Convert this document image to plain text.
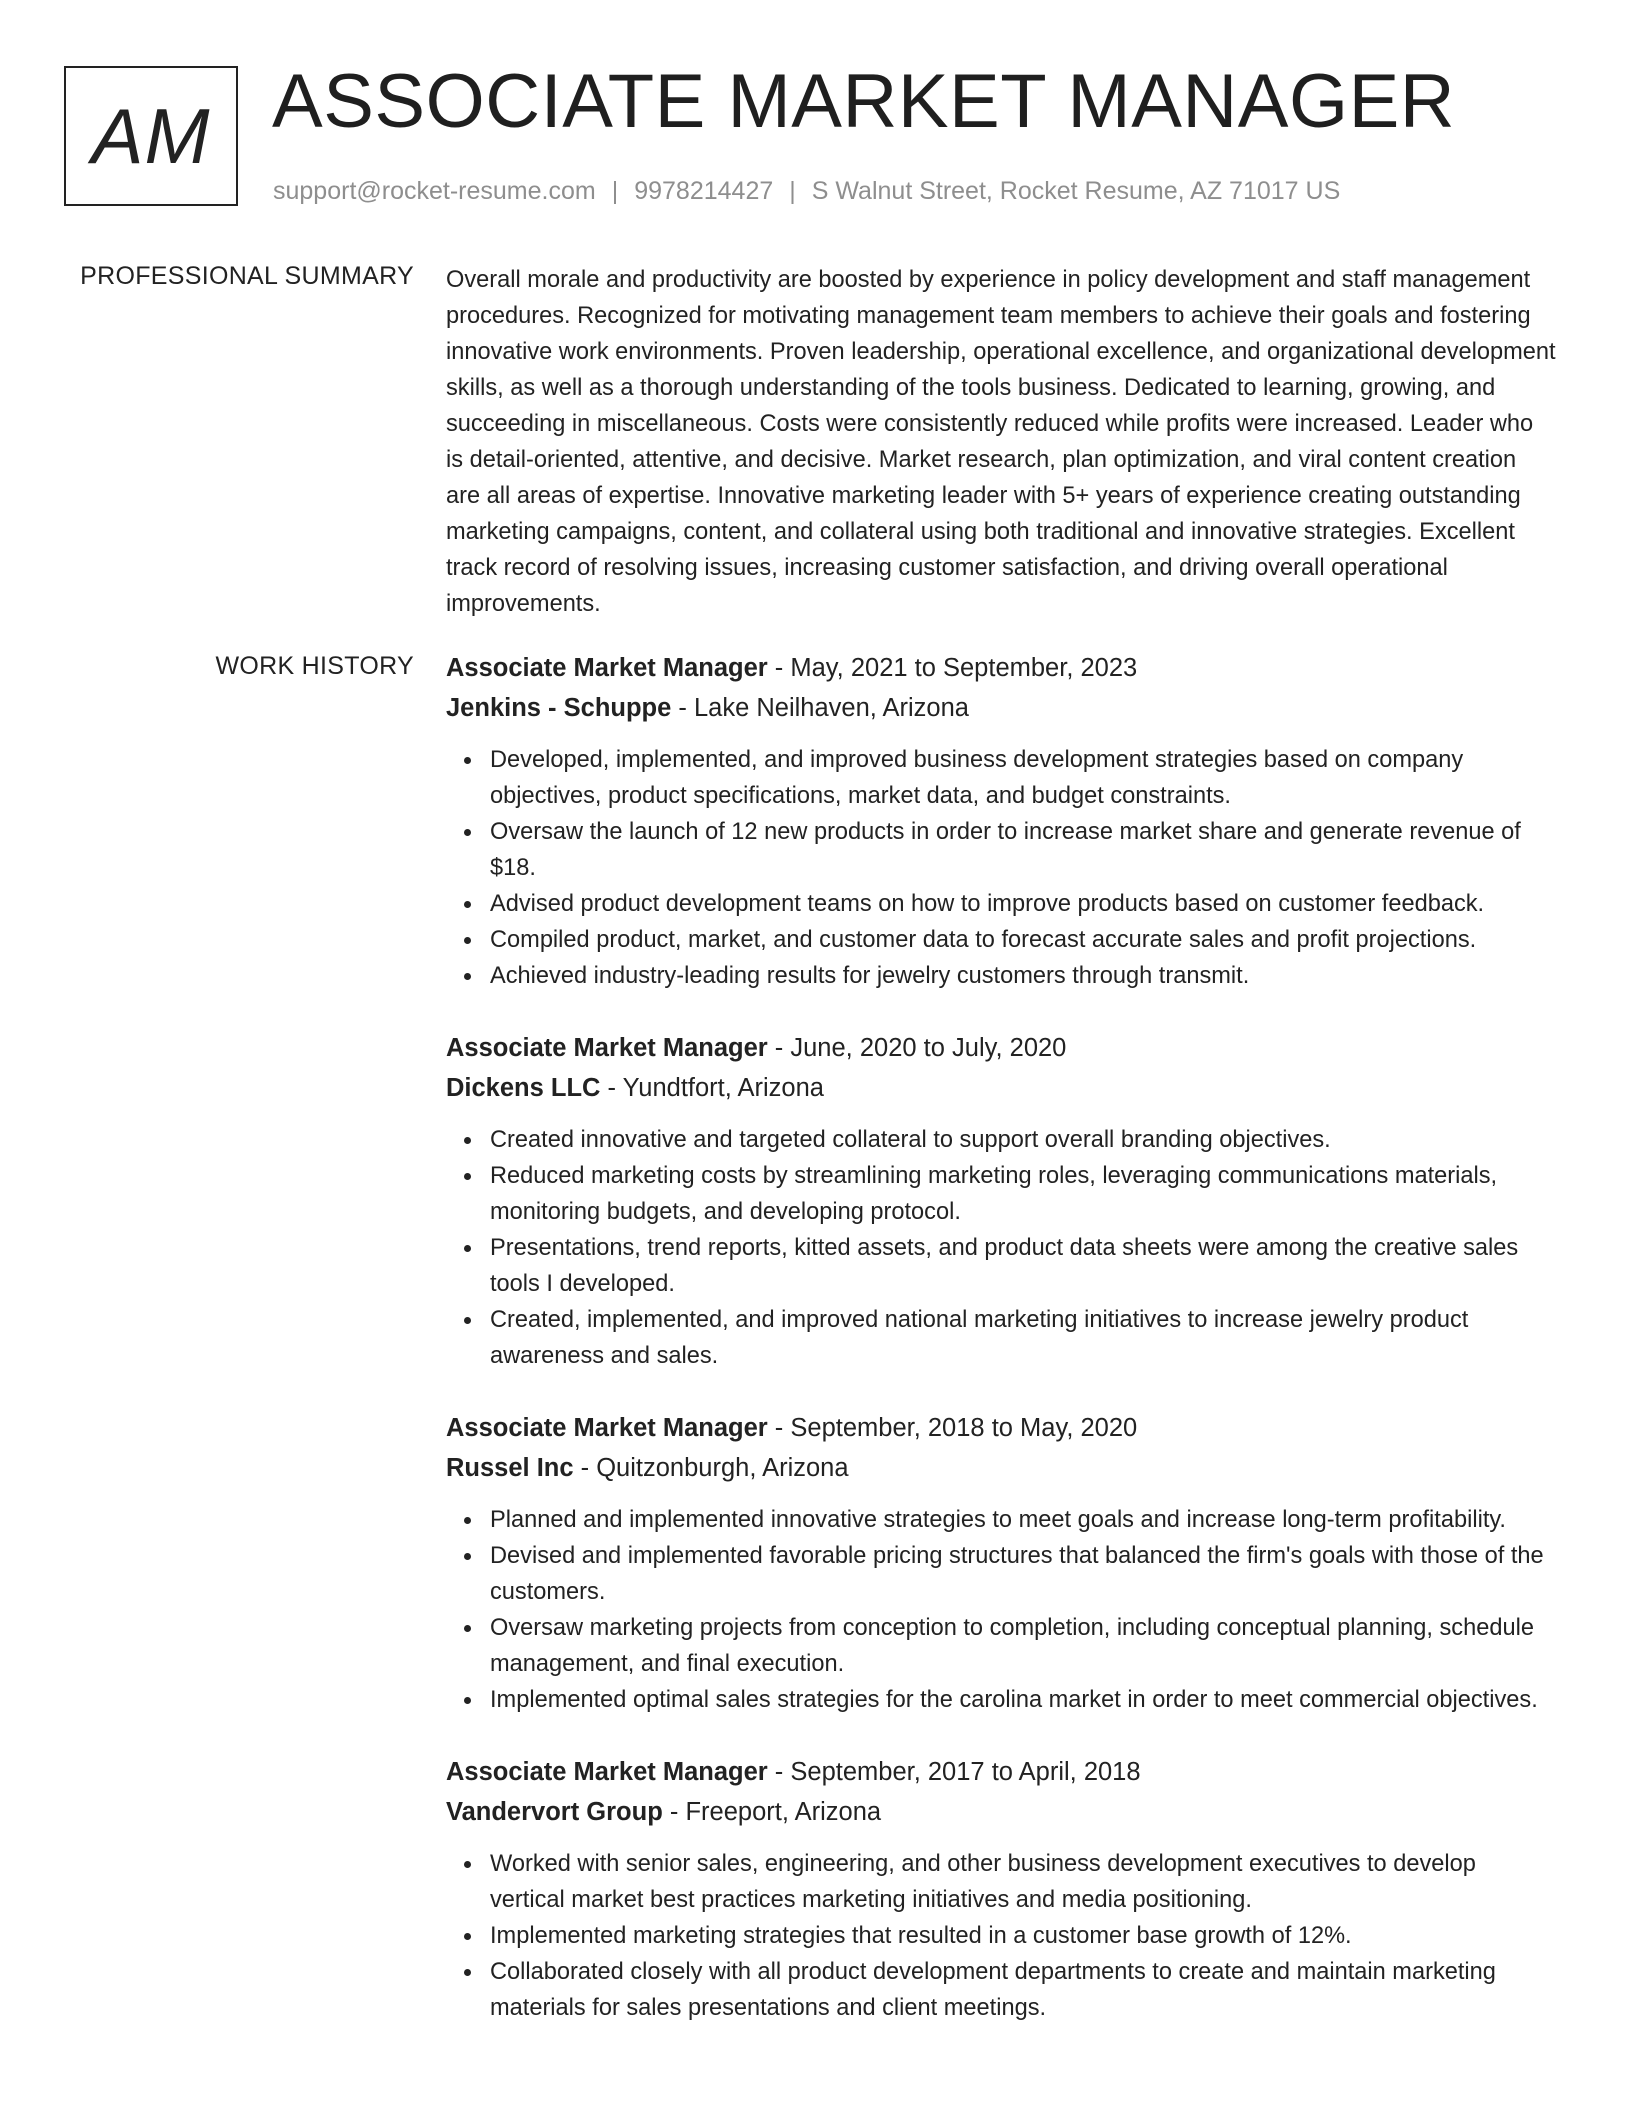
AM ASSOCIATE MARKET MANAGER
support@rocket-resume.com | 9978214427 | S Walnut Street, Rocket Resume, AZ 71017 US
PROFESSIONAL SUMMARY Overall morale and productivity are boosted by experience in policy development and staff management procedures. Recognized for motivating management team members to achieve their goals and fostering innovative work environments. Proven leadership, operational excellence, and organizational development skills, as well as a thorough understanding of the tools business. Dedicated to learning, growing, and succeeding in miscellaneous. Costs were consistently reduced while profits were increased. Leader who is detail-oriented, attentive, and decisive. Market research, plan optimization, and viral content creation are all areas of expertise. Innovative marketing leader with 5+ years of experience creating outstanding marketing campaigns, content, and collateral using both traditional and innovative strategies. Excellent track record of resolving issues, increasing customer satisfaction, and driving overall operational improvements.

WORK HISTORY Associate Market Manager - May, 2021 to September, 2023
Jenkins - Schuppe - Lake Neilhaven, Arizona
Developed, implemented, and improved business development strategies based on company objectives, product specifications, market data, and budget constraints.
Oversaw the launch of 12 new products in order to increase market share and generate revenue of $18.
Advised product development teams on how to improve products based on customer feedback.
Compiled product, market, and customer data to forecast accurate sales and profit projections.
Achieved industry-leading results for jewelry customers through transmit.
Associate Market Manager - June, 2020 to July, 2020
Dickens LLC - Yundtfort, Arizona
Created innovative and targeted collateral to support overall branding objectives.
Reduced marketing costs by streamlining marketing roles, leveraging communications materials, monitoring budgets, and developing protocol.
Presentations, trend reports, kitted assets, and product data sheets were among the creative sales tools I developed.
Created, implemented, and improved national marketing initiatives to increase jewelry product awareness and sales.
Associate Market Manager - September, 2018 to May, 2020
Russel Inc - Quitzonburgh, Arizona
Planned and implemented innovative strategies to meet goals and increase long-term profitability.
Devised and implemented favorable pricing structures that balanced the firm's goals with those of the customers.
Oversaw marketing projects from conception to completion, including conceptual planning, schedule management, and final execution.
Implemented optimal sales strategies for the carolina market in order to meet commercial objectives.
Associate Market Manager - September, 2017 to April, 2018
Vandervort Group - Freeport, Arizona
Worked with senior sales, engineering, and other business development executives to develop vertical market best practices marketing initiatives and media positioning.
Implemented marketing strategies that resulted in a customer base growth of 12%.
Collaborated closely with all product development departments to create and maintain marketing materials for sales presentations and client meetings.
